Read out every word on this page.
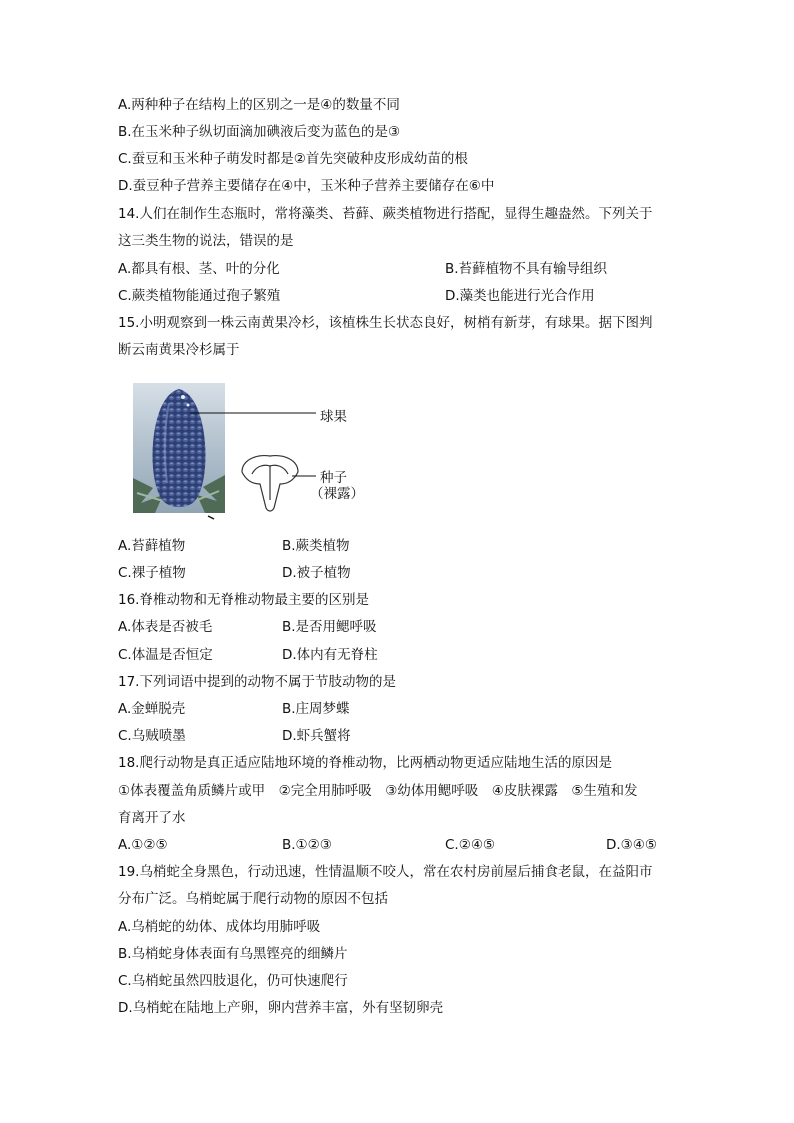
A.两种种子在结构上的区别之一是④的数量不同
B.在玉米种子纵切面滴加碘液后变为蓝色的是③
C.蚕豆和玉米种子萌发时都是②首先突破种皮形成幼苗的根
D.蚕豆种子营养主要储存在④中，玉米种子营养主要储存在⑥中
14.人们在制作生态瓶时，常将藻类、苔藓、蕨类植物进行搭配，显得生趣盎然。下列关于
这三类生物的说法，错误的是
A.都具有根、茎、叶的分化	B.苔藓植物不具有输导组织
C.蕨类植物能通过孢子繁殖	D.藻类也能进行光合作用
15.小明观察到一株云南黄果冷杉，该植株生长状态良好，树梢有新芽，有球果。据下图判
断云南黄果冷杉属于
球果
种子
（裸露）
A.苔藓植物	B.蕨类植物
C.裸子植物	D.被子植物
16.脊椎动物和无脊椎动物最主要的区别是
A.体表是否被毛	B.是否用鳃呼吸
C.体温是否恒定	D.体内有无脊柱
17.下列词语中提到的动物不属于节肢动物的是
A.金蝉脱壳	B.庄周梦蝶
C.乌贼喷墨	D.虾兵蟹将
18.爬行动物是真正适应陆地环境的脊椎动物，比两栖动物更适应陆地生活的原因是
①体表覆盖角质鳞片或甲　②完全用肺呼吸　③幼体用鳃呼吸　④皮肤裸露　⑤生殖和发
育离开了水
A.①②⑤	B.①②③	C.②④⑤	D.③④⑤
19.乌梢蛇全身黑色，行动迅速，性情温顺不咬人，常在农村房前屋后捕食老鼠，在益阳市
分布广泛。乌梢蛇属于爬行动物的原因不包括
A.乌梢蛇的幼体、成体均用肺呼吸
B.乌梢蛇身体表面有乌黑铿亮的细鳞片
C.乌梢蛇虽然四肢退化，仍可快速爬行
D.乌梢蛇在陆地上产卵，卵内营养丰富，外有坚韧卵壳
